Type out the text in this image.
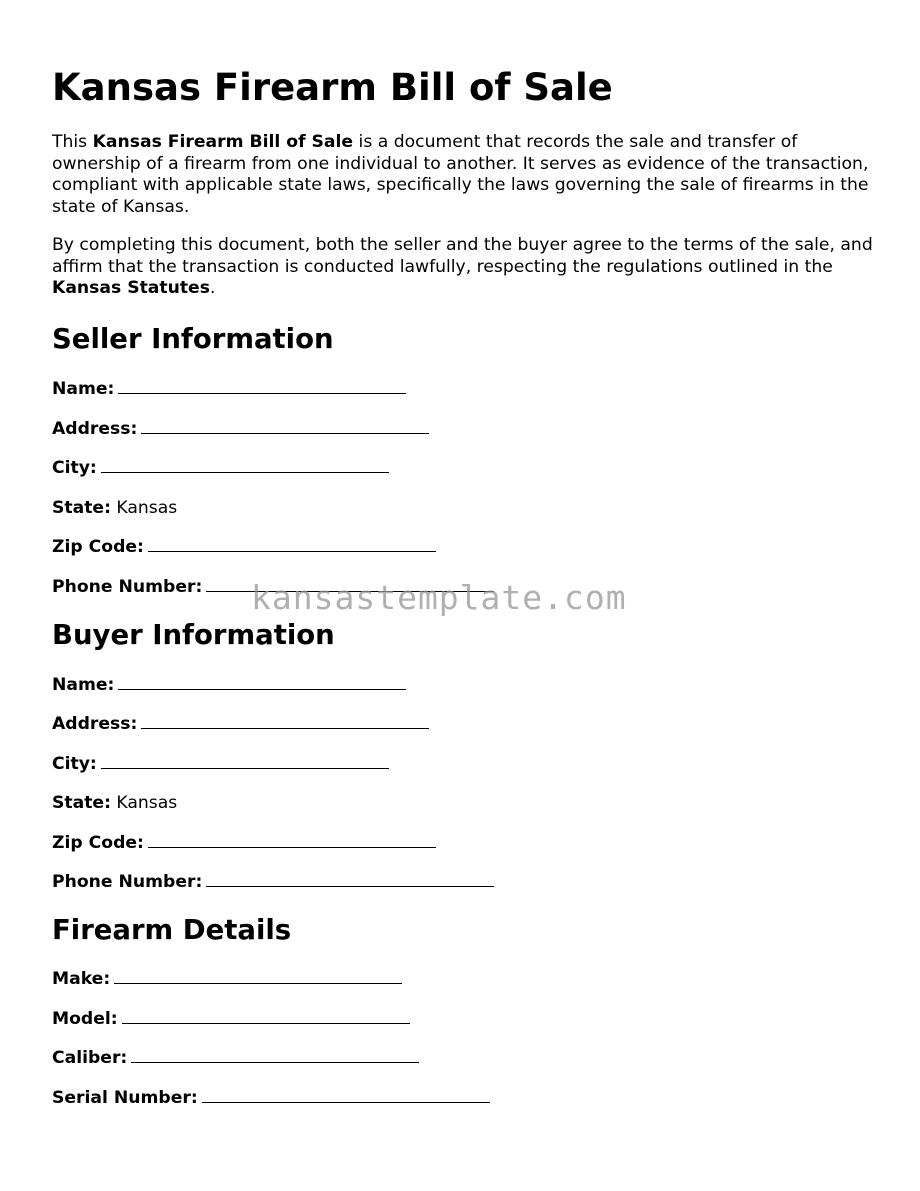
Kansas Firearm Bill of Sale

This Kansas Firearm Bill of Sale is a document that records the sale and transfer of ownership of a firearm from one individual to another. It serves as evidence of the transaction, compliant with applicable state laws, specifically the laws governing the sale of firearms in the state of Kansas.

By completing this document, both the seller and the buyer agree to the terms of the sale, and affirm that the transaction is conducted lawfully, respecting the regulations outlined in the Kansas Statutes.

Seller Information
Name:
Address:
City:
State: Kansas
Zip Code:
Phone Number:
Buyer Information
Name:
Address:
City:
State: Kansas
Zip Code:
Phone Number:
Firearm Details
Make:
Model:
Caliber:
Serial Number:
kansastemplate.com
